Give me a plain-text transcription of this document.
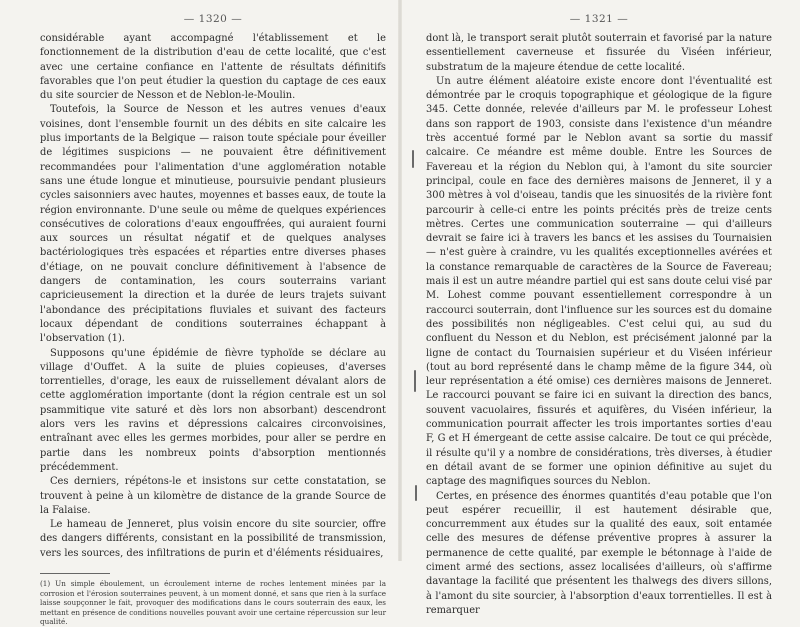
— 1320 —

considérable ayant accompagné l'établissement et le fonctionnement de la distribution d'eau de cette localité, que c'est avec une certaine confiance en l'attente de résultats définitifs favorables que l'on peut étudier la question du captage de ces eaux du site sourcier de Nesson et de Neblon-le-Moulin.

Toutefois, la Source de Nesson et les autres venues d'eaux voisines, dont l'ensemble fournit un des débits en site calcaire les plus importants de la Belgique — raison toute spéciale pour éveiller de légitimes suspicions — ne pouvaient être définitivement recommandées pour l'alimentation d'une agglomération notable sans une étude longue et minutieuse, poursuivie pendant plusieurs cycles saisonniers avec hautes, moyennes et basses eaux, de toute la région environnante. D'une seule ou même de quelques expériences consécutives de colorations d'eaux engouffrées, qui auraient fourni aux sources un résultat négatif et de quelques analyses bactériologiques très espacées et réparties entre diverses phases d'étiage, on ne pouvait conclure définitivement à l'absence de dangers de contamination, les cours souterrains variant capricieusement la direction et la durée de leurs trajets suivant l'abondance des précipitations fluviales et suivant des facteurs locaux dépendant de conditions souterraines échappant à l'observation (1).

Supposons qu'une épidémie de fièvre typhoïde se déclare au village d'Ouffet. A la suite de pluies copieuses, d'averses torrentielles, d'orage, les eaux de ruissellement dévalant alors de cette agglomération importante (dont la région centrale est un sol psammitique vite saturé et dès lors non absorbant) descendront alors vers les ravins et dépressions calcaires circonvoisines, entraînant avec elles les germes morbides, pour aller se perdre en partie dans les nombreux points d'absorption mentionnés précédemment.

Ces derniers, répétons-le et insistons sur cette constatation, se trouvent à peine à un kilomètre de distance de la grande Source de la Falaise.

Le hameau de Jenneret, plus voisin encore du site sourcier, offre des dangers différents, consistant en la possibilité de transmission, vers les sources, des infiltrations de purin et d'éléments résiduaires,

(1) Un simple éboulement, un écroulement interne de roches lentement minées par la corrosion et l'érosion souterraines peuvent, à un moment donné, et sans que rien à la surface laisse soupçonner le fait, provoquer des modifications dans le cours souterrain des eaux, les mettant en présence de conditions nouvelles pouvant avoir une certaine répercussion sur leur qualité.

— 1321 —

dont là, le transport serait plutôt souterrain et favorisé par la nature essentiellement caverneuse et fissurée du Viséen inférieur, substratum de la majeure étendue de cette localité.

Un autre élément aléatoire existe encore dont l'éventualité est démontrée par le croquis topographique et géologique de la figure 345. Cette donnée, relevée d'ailleurs par M. le professeur Lohest dans son rapport de 1903, consiste dans l'existence d'un méandre très accentué formé par le Neblon avant sa sortie du massif calcaire. Ce méandre est même double. Entre les Sources de Favereau et la région du Neblon qui, à l'amont du site sourcier principal, coule en face des dernières maisons de Jenneret, il y a 300 mètres à vol d'oiseau, tandis que les sinuosités de la rivière font parcourir à celle-ci entre les points précités près de treize cents mètres. Certes une communication souterraine — qui d'ailleurs devrait se faire ici à travers les bancs et les assises du Tournaisien — n'est guère à craindre, vu les qualités exceptionnelles avérées et la constance remarquable de caractères de la Source de Favereau; mais il est un autre méandre partiel qui est sans doute celui visé par M. Lohest comme pouvant essentiellement correspondre à un raccourci souterrain, dont l'influence sur les sources est du domaine des possibilités non négligeables. C'est celui qui, au sud du confluent du Nesson et du Neblon, est précisément jalonné par la ligne de contact du Tournaisien supérieur et du Viséen inférieur (tout au bord représenté dans le champ même de la figure 344, où leur représentation a été omise) ces dernières maisons de Jenneret. Le raccourci pouvant se faire ici en suivant la direction des bancs, souvent vacuolaires, fissurés et aquifères, du Viséen inférieur, la communication pourrait affecter les trois importantes sorties d'eau F, G et H émergeant de cette assise calcaire. De tout ce qui précède, il résulte qu'il y a nombre de considérations, très diverses, à étudier en détail avant de se former une opinion définitive au sujet du captage des magnifiques sources du Neblon.

Certes, en présence des énormes quantités d'eau potable que l'on peut espérer recueillir, il est hautement désirable que, concurremment aux études sur la qualité des eaux, soit entamée celle des mesures de défense préventive propres à assurer la permanence de cette qualité, par exemple le bétonnage à l'aide de ciment armé des sections, assez localisées d'ailleurs, où s'affirme davantage la facilité que présentent les thalwegs des divers sillons, à l'amont du site sourcier, à l'absorption d'eaux torrentielles. Il est à remarquer
